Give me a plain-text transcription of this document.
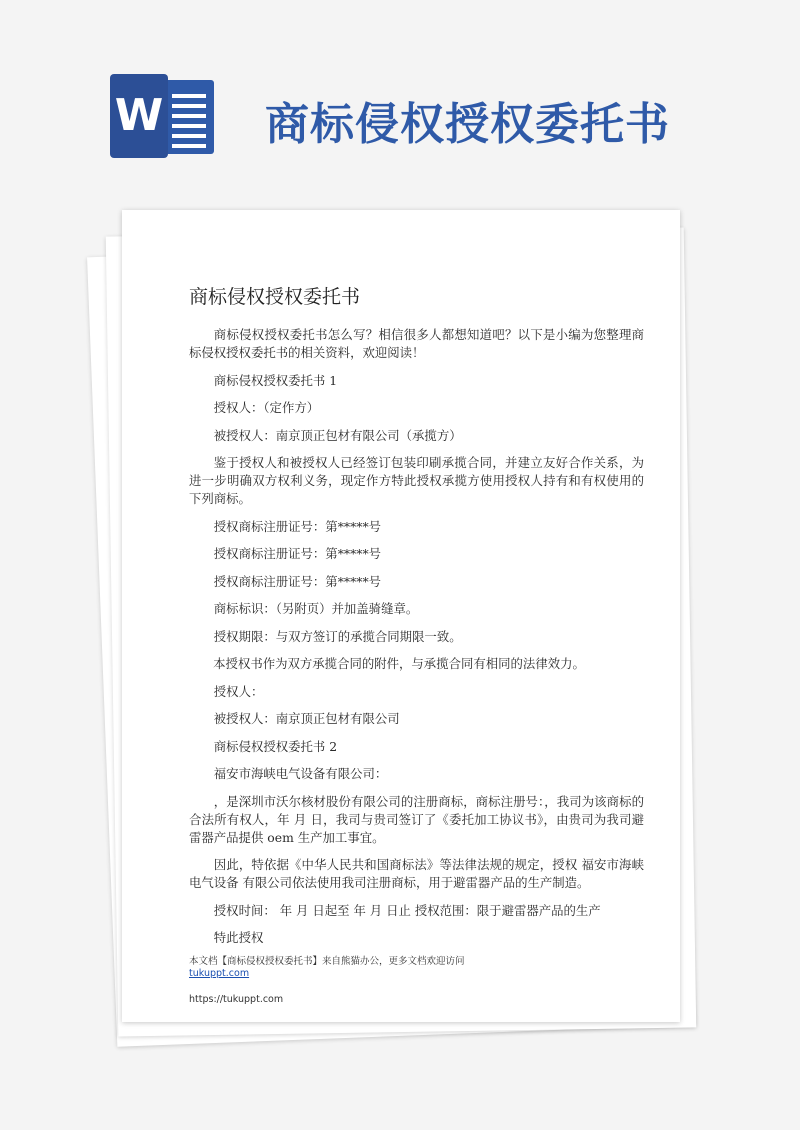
W 商标侵权授权委托书
商标侵权授权委托书

商标侵权授权委托书怎么写？相信很多人都想知道吧？以下是小编为您整理商标侵权授权委托书的相关资料，欢迎阅读！

商标侵权授权委托书 1

授权人：（定作方）

被授权人：南京顶正包材有限公司（承揽方）

鉴于授权人和被授权人已经签订包装印刷承揽合同，并建立友好合作关系，为进一步明确双方权利义务，现定作方特此授权承揽方使用授权人持有和有权使用的下列商标。

授权商标注册证号：第*****号

授权商标注册证号：第*****号

授权商标注册证号：第*****号

商标标识：（另附页）并加盖骑缝章。

授权期限：与双方签订的承揽合同期限一致。

本授权书作为双方承揽合同的附件，与承揽合同有相同的法律效力。

授权人：

被授权人：南京顶正包材有限公司

商标侵权授权委托书 2

福安市海峡电气设备有限公司：

，是深圳市沃尔核材股份有限公司的注册商标，商标注册号：，我司为该商标的合法所有权人，年 月 日，我司与贵司签订了《委托加工协议书》，由贵司为我司避雷器产品提供 oem 生产加工事宜。

因此，特依据《中华人民共和国商标法》等法律法规的规定，授权 福安市海峡电气设备 有限公司依法使用我司注册商标，用于避雷器产品的生产制造。

授权时间： 年 月 日起至 年 月 日止 授权范围：限于避雷器产品的生产

特此授权

本文档【商标侵权授权委托书】来自熊猫办公，更多文档欢迎访问
tukuppt.com
https://tukuppt.com
